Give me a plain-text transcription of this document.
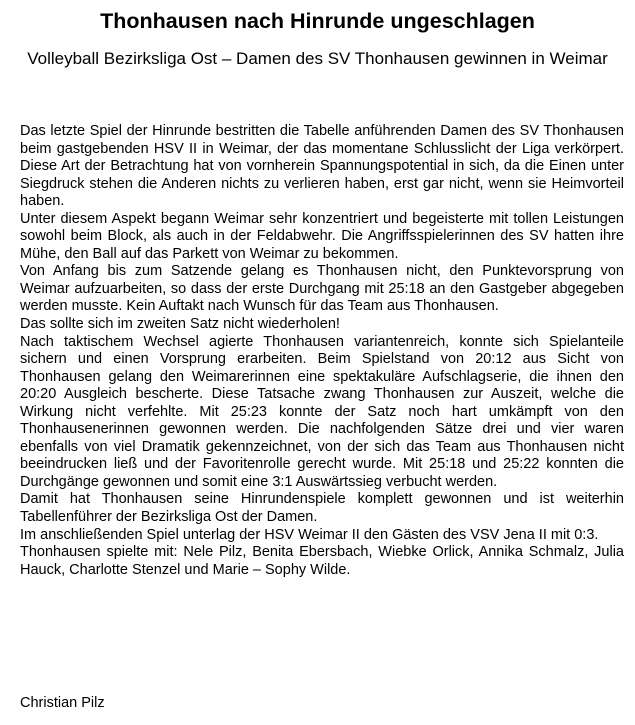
Thonhausen nach Hinrunde ungeschlagen
Volleyball Bezirksliga Ost – Damen des SV Thonhausen gewinnen in Weimar

Das letzte Spiel der Hinrunde bestritten die Tabelle anführenden Damen des SV Thonhausen beim gastgebenden HSV II in Weimar, der das momentane Schlusslicht der Liga verkörpert. Diese Art der Betrachtung hat von vornherein Spannungspotential in sich, da die Einen unter Siegdruck stehen die Anderen nichts zu verlieren haben, erst gar nicht, wenn sie Heimvorteil haben.

Unter diesem Aspekt begann Weimar sehr konzentriert und begeisterte mit tollen Leistungen sowohl beim Block, als auch in der Feldabwehr. Die Angriffsspielerinnen des SV hatten ihre Mühe, den Ball auf das Parkett von Weimar zu bekommen.

Von Anfang bis zum Satzende gelang es Thonhausen nicht, den Punktevorsprung von Weimar aufzuarbeiten, so dass der erste Durchgang mit 25:18 an den Gastgeber abgegeben werden musste. Kein Auftakt nach Wunsch für das Team aus Thonhausen.

Das sollte sich im zweiten Satz nicht wiederholen!

Nach taktischem Wechsel agierte Thonhausen variantenreich, konnte sich Spielanteile sichern und einen Vorsprung erarbeiten. Beim Spielstand von 20:12 aus Sicht von Thonhausen gelang den Weimarerinnen eine spektakuläre Aufschlagserie, die ihnen den 20:20 Ausgleich bescherte. Diese Tatsache zwang Thonhausen zur Auszeit, welche die Wirkung nicht verfehlte. Mit 25:23 konnte der Satz noch hart umkämpft von den Thonhausenerinnen gewonnen werden. Die nachfolgenden Sätze drei und vier waren ebenfalls von viel Dramatik gekennzeichnet, von der sich das Team aus Thonhausen nicht beeindrucken ließ und der Favoritenrolle gerecht wurde. Mit 25:18 und 25:22 konnten die Durchgänge gewonnen und somit eine 3:1 Auswärtssieg verbucht werden.

Damit hat Thonhausen seine Hinrundenspiele komplett gewonnen und ist weiterhin Tabellenführer der Bezirksliga Ost der Damen.

Im anschließenden Spiel unterlag der HSV Weimar II den Gästen des VSV Jena II mit 0:3.

Thonhausen spielte mit: Nele Pilz, Benita Ebersbach, Wiebke Orlick, Annika Schmalz, Julia Hauck, Charlotte Stenzel und Marie – Sophy Wilde.

Christian Pilz
